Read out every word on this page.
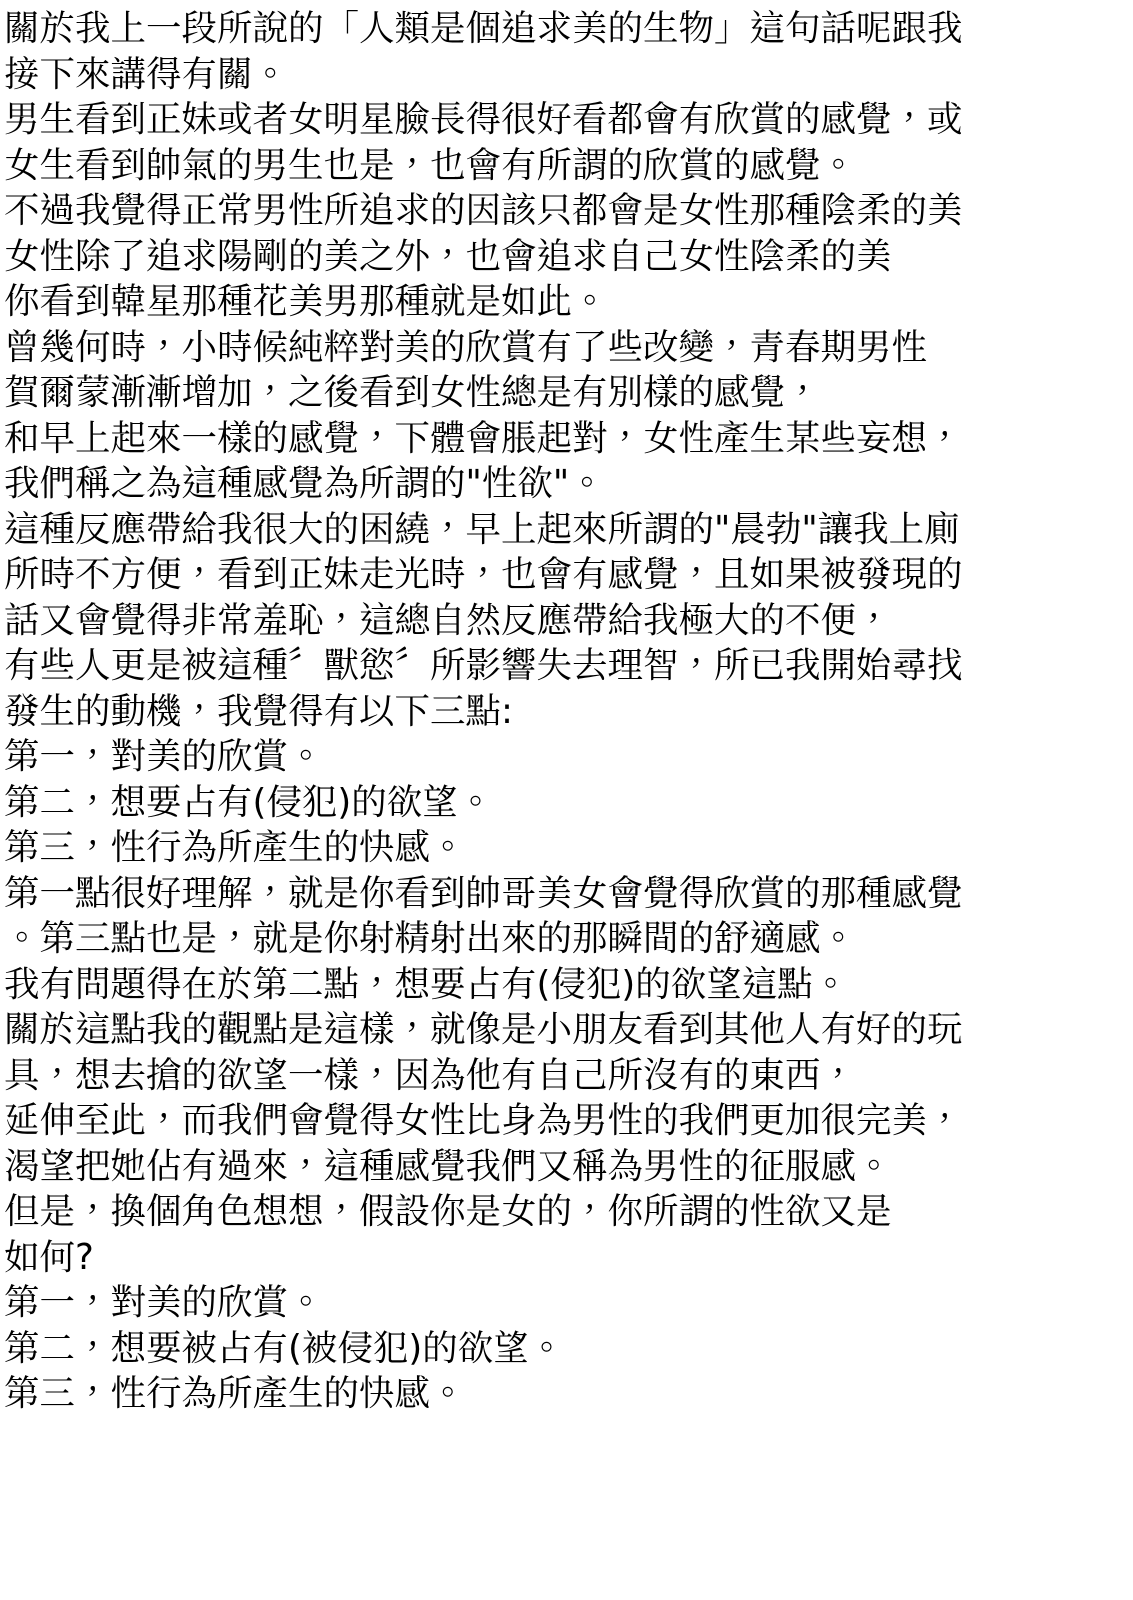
關於我上一段所說的「人類是個追求美的生物」這句話呢跟我
接下來講得有關。
男生看到正妹或者女明星臉長得很好看都會有欣賞的感覺，或
女生看到帥氣的男生也是，也會有所謂的欣賞的感覺。
不過我覺得正常男性所追求的因該只都會是女性那種陰柔的美
女性除了追求陽剛的美之外，也會追求自己女性陰柔的美
你看到韓星那種花美男那種就是如此。
曾幾何時，小時候純粹對美的欣賞有了些改變，青春期男性
賀爾蒙漸漸增加，之後看到女性總是有別樣的感覺，
和早上起來一樣的感覺，下體會脹起對，女性產生某些妄想，
我們稱之為這種感覺為所謂的"性欲"。
這種反應帶給我很大的困繞，早上起來所謂的"晨勃"讓我上廁
所時不方便，看到正妹走光時，也會有感覺，且如果被發現的
話又會覺得非常羞恥，這總自然反應帶給我極大的不便，
有些人更是被這種〞獸慾〞所影響失去理智，所已我開始尋找
發生的動機，我覺得有以下三點:
第一，對美的欣賞。
第二，想要占有(侵犯)的欲望。
第三，性行為所產生的快感。
第一點很好理解，就是你看到帥哥美女會覺得欣賞的那種感覺
。第三點也是，就是你射精射出來的那瞬間的舒適感。
我有問題得在於第二點，想要占有(侵犯)的欲望這點。
關於這點我的觀點是這樣，就像是小朋友看到其他人有好的玩
具，想去搶的欲望一樣，因為他有自己所沒有的東西，
延伸至此，而我們會覺得女性比身為男性的我們更加很完美，
渴望把她佔有過來，這種感覺我們又稱為男性的征服感。
但是，換個角色想想，假設你是女的，你所謂的性欲又是
如何?
第一，對美的欣賞。
第二，想要被占有(被侵犯)的欲望。
第三，性行為所產生的快感。
